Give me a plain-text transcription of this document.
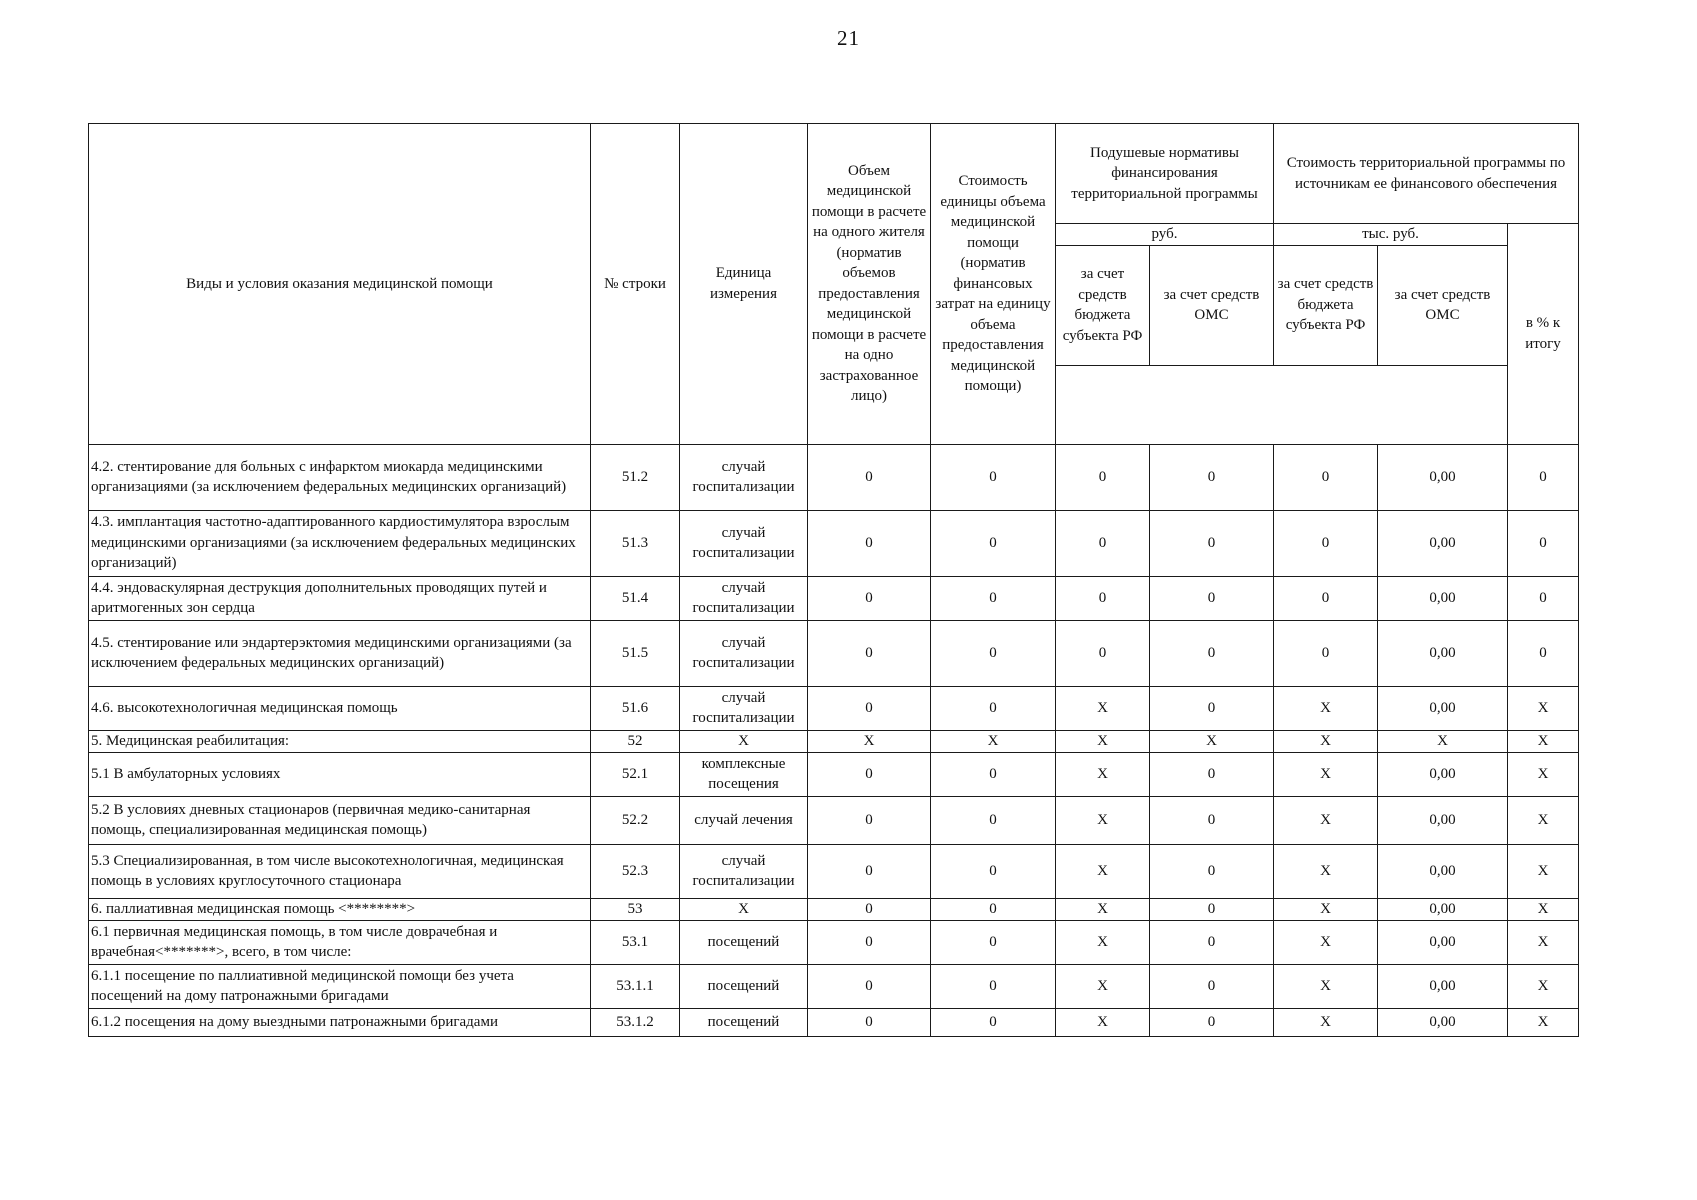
21
Виды и условия оказания медицинской помощи	№ строки	Единица измерения	Объем медицинской помощи в расчете на одного жителя (норматив объемов предоставления медицинской помощи в расчете на одно застрахованное лицо)	Стоимость единицы объема медицинской помощи (норматив финансовых затрат на единицу объема предоставления медицинской помощи)	Подушевые нормативы финансирования территориальной программы		Стоимость территориальной программы по источникам ее финансового обеспечения		
					руб.		тыс. руб.		в % к итогу
					за счет средств бюджета субъекта РФ	за счет средств ОМС	за счет средств бюджета субъекта РФ	за счет средств ОМС	

4.2. стентирование для больных с инфарктом миокарда медицинскими организациями (за исключением федеральных медицинских организаций)	51.2	случай госпитализации	0	0	0	0	0	0,00	0
4.3. имплантация частотно-адаптированного кардиостимулятора взрослым медицинскими организациями (за исключением федеральных медицинских организаций)	51.3	случай госпитализации	0	0	0	0	0	0,00	0
4.4. эндоваскулярная деструкция дополнительных проводящих путей и аритмогенных зон сердца	51.4	случай госпитализации	0	0	0	0	0	0,00	0
4.5. стентирование или эндартерэктомия медицинскими организациями (за исключением федеральных медицинских организаций)	51.5	случай госпитализации	0	0	0	0	0	0,00	0
4.6. высокотехнологичная медицинская помощь	51.6	случай госпитализации	0	0	X	0	X	0,00	X
5. Медицинская реабилитация:	52	X	X	X	X	X	X	X	X
5.1 В амбулаторных условиях	52.1	комплексные посещения	0	0	X	0	X	0,00	X
5.2 В условиях дневных стационаров (первичная медико-санитарная помощь, специализированная медицинская помощь)	52.2	случай лечения	0	0	X	0	X	0,00	X
5.3 Специализированная, в том числе высокотехнологичная, медицинская помощь в условиях круглосуточного стационара	52.3	случай госпитализации	0	0	X	0	X	0,00	X
6. паллиативная медицинская помощь <********>	53	X	0	0	X	0	X	0,00	X
6.1 первичная медицинская помощь, в том числе доврачебная и врачебная<*******>, всего, в том числе:	53.1	посещений	0	0	X	0	X	0,00	X
6.1.1 посещение по паллиативной медицинской помощи без учета посещений на дому патронажными бригадами	53.1.1	посещений	0	0	X	0	X	0,00	X
6.1.2 посещения на дому выездными патронажными бригадами	53.1.2	посещений	0	0	X	0	X	0,00	X
